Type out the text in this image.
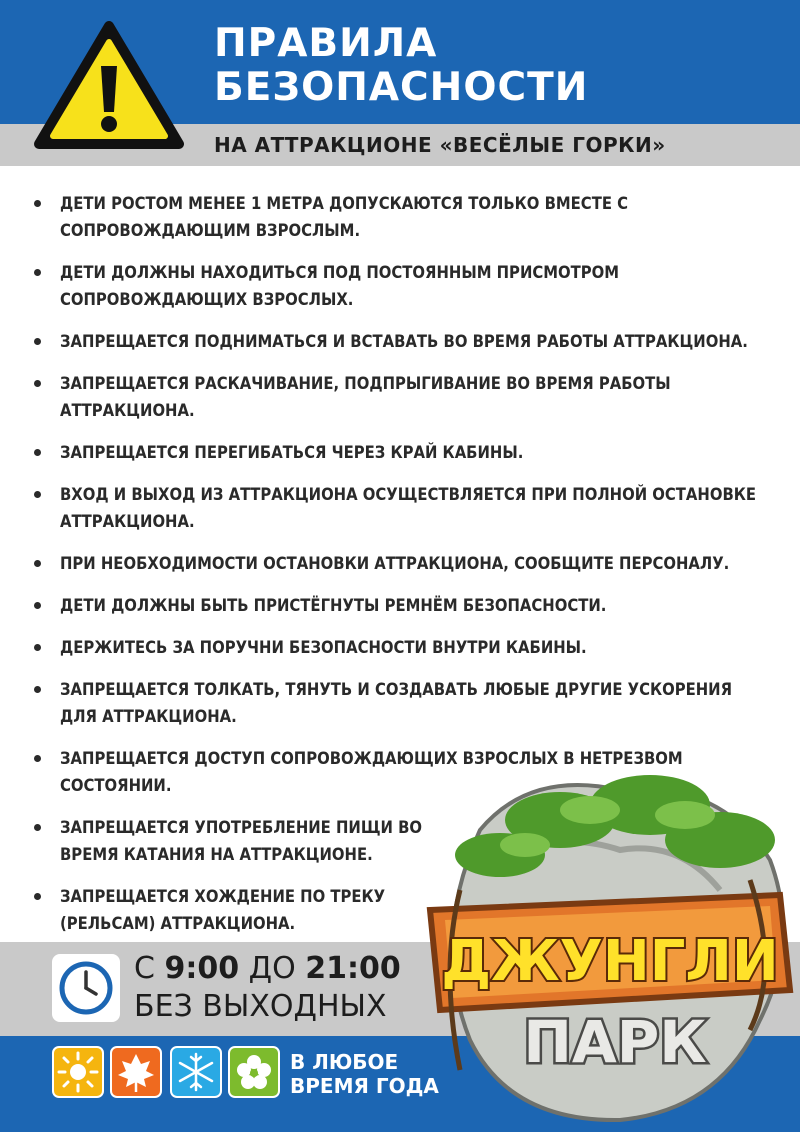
ПРАВИЛА
БЕЗОПАСНОСТИ
НА АТТРАКЦИОНЕ «ВЕСЁЛЫЕ ГОРКИ»
ДЕТИ РОСТОМ МЕНЕЕ 1 МЕТРА ДОПУСКАЮТСЯ ТОЛЬКО ВМЕСТЕ С СОПРОВОЖДАЮЩИМ ВЗРОСЛЫМ.
ДЕТИ ДОЛЖНЫ НАХОДИТЬСЯ ПОД ПОСТОЯННЫМ ПРИСМОТРОМ СОПРОВОЖДАЮЩИХ ВЗРОСЛЫХ.
ЗАПРЕЩАЕТСЯ ПОДНИМАТЬСЯ И ВСТАВАТЬ ВО ВРЕМЯ РАБОТЫ АТТРАКЦИОНА.
ЗАПРЕЩАЕТСЯ РАСКАЧИВАНИЕ, ПОДПРЫГИВАНИЕ ВО ВРЕМЯ РАБОТЫ АТТРАКЦИОНА.
ЗАПРЕЩАЕТСЯ ПЕРЕГИБАТЬСЯ ЧЕРЕЗ КРАЙ КАБИНЫ.
ВХОД И ВЫХОД ИЗ АТТРАКЦИОНА ОСУЩЕСТВЛЯЕТСЯ ПРИ ПОЛНОЙ ОСТАНОВКЕ АТТРАКЦИОНА.
ПРИ НЕОБХОДИМОСТИ ОСТАНОВКИ АТТРАКЦИОНА, СООБЩИТЕ ПЕРСОНАЛУ.
ДЕТИ ДОЛЖНЫ БЫТЬ ПРИСТЁГНУТЫ РЕМНЁМ БЕЗОПАСНОСТИ.
ДЕРЖИТЕСЬ ЗА ПОРУЧНИ БЕЗОПАСНОСТИ ВНУТРИ КАБИНЫ.
ЗАПРЕЩАЕТСЯ ТОЛКАТЬ, ТЯНУТЬ И СОЗДАВАТЬ ЛЮБЫЕ ДРУГИЕ УСКОРЕНИЯ ДЛЯ АТТРАКЦИОНА.
ЗАПРЕЩАЕТСЯ ДОСТУП СОПРОВОЖДАЮЩИХ ВЗРОСЛЫХ В НЕТРЕЗВОМ СОСТОЯНИИ.
ЗАПРЕЩАЕТСЯ УПОТРЕБЛЕНИЕ ПИЩИ ВО ВРЕМЯ КАТАНИЯ НА АТТРАКЦИОНЕ.
ЗАПРЕЩАЕТСЯ ХОЖДЕНИЕ ПО ТРЕКУ (РЕЛЬСАМ) АТТРАКЦИОНА.
С 9:00 ДО 21:00
БЕЗ ВЫХОДНЫХ
В ЛЮБОЕ
ВРЕМЯ ГОДА
ДЖУНГЛИ
ПАРК
